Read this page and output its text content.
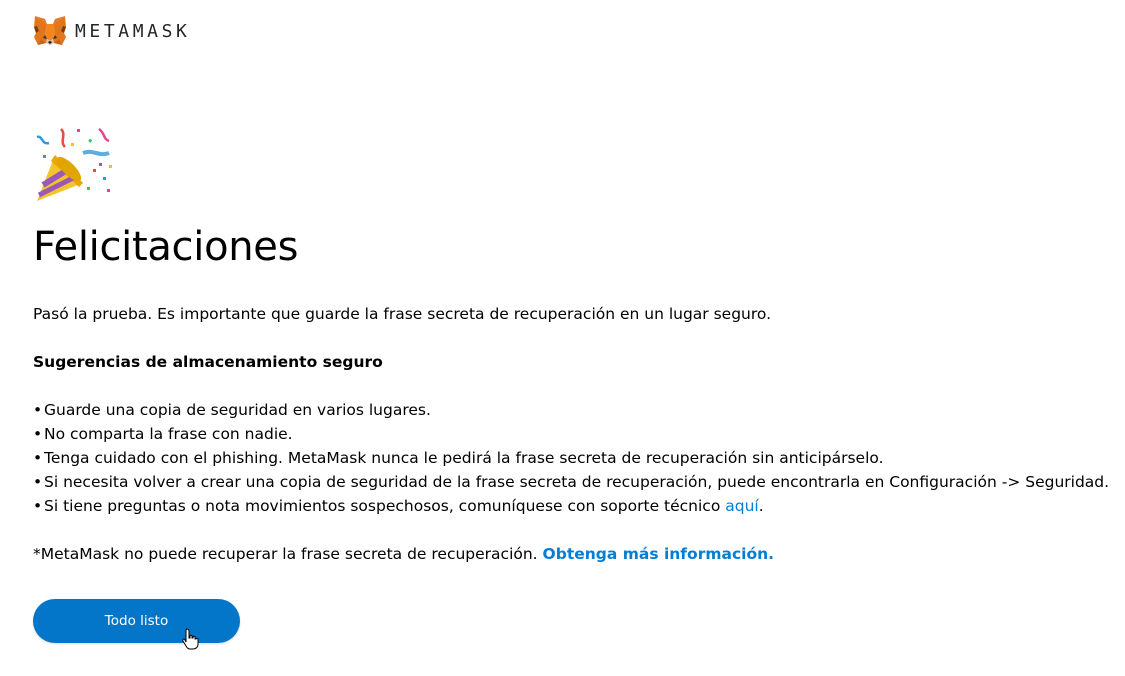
METAMASK
Felicitaciones

Pasó la prueba. Es importante que guarde la frase secreta de recuperación en un lugar seguro.

Sugerencias de almacenamiento seguro

• Guarde una copia de seguridad en varios lugares.
• No comparta la frase con nadie.
• Tenga cuidado con el phishing. MetaMask nunca le pedirá la frase secreta de recuperación sin anticipárselo.
• Si necesita volver a crear una copia de seguridad de la frase secreta de recuperación, puede encontrarla en Configuración -> Seguridad.
• Si tiene preguntas o nota movimientos sospechosos, comuníquese con soporte técnico aquí.

*MetaMask no puede recuperar la frase secreta de recuperación. Obtenga más información.

Todo listo
